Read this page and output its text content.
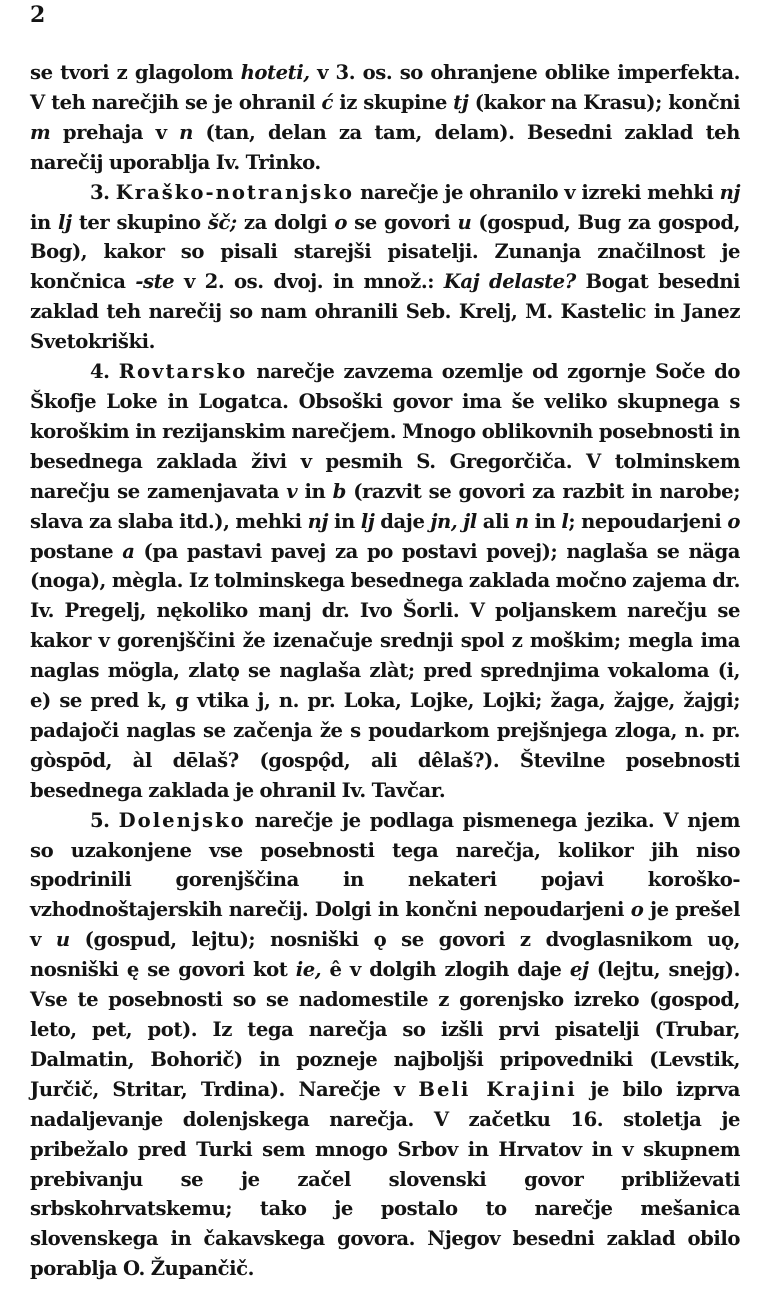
2

se tvori z glagolom hoteti, v 3. os. so ohranjene oblike imperfekta. V teh narečjih se je ohranil ć iz skupine tj (kakor na Krasu); končni m prehaja v n (tan, delan za tam, delam). Besedni zaklad teh narečij uporablja Iv. Trinko.

3. Kraško-notranjsko narečje je ohranilo v izreki mehki nj in lj ter skupino šč; za dolgi o se govori u (gospud, Bug za gospod, Bog), kakor so pisali starejši pisatelji. Zunanja značilnost je končnica -ste v 2. os. dvoj. in množ.: Kaj delaste? Bogat besedni zaklad teh narečij so nam ohranili Seb. Krelj, M. Kastelic in Janez Svetokriški.

4. Rovtarsko narečje zavzema ozemlje od zgornje Soče do Škofje Loke in Logatca. Obsoški govor ima še veliko skupnega s koroškim in rezijanskim narečjem. Mnogo oblikovnih posebnosti in besednega zaklada živi v pesmih S. Gregorčiča. V tolminskem narečju se zamenjavata v in b (razvit se govori za razbit in narobe; slava za slaba itd.), mehki nj in lj daje jn, jl ali n in l; nepoudarjeni o postane a (pa pastavi pavej za po postavi povej); naglaša se näga (noga), mègla. Iz tolminskega besednega zaklada močno zajema dr. Iv. Pregelj, nękoliko manj dr. Ivo Šorli. V poljanskem narečju se kakor v gorenjščini že izenačuje srednji spol z moškim; megla ima naglas mögla, zlatǫ se naglaša zlàt; pred sprednjima vokaloma (i, e) se pred k, g vtika j, n. pr. Loka, Lojke, Lojki; žaga, žajge, žajgi; padajoči naglas se začenja že s poudarkom prejšnjega zloga, n. pr. gòspōd, àl dēlaš? (gospǫ̂d, ali dêlaš?). Številne posebnosti besednega zaklada je ohranil Iv. Tavčar.

5. Dolenjsko narečje je podlaga pismenega jezika. V njem so uzakonjene vse posebnosti tega narečja, kolikor jih niso spodrinili gorenjščina in nekateri pojavi koroško-vzhodnoštajerskih narečij. Dolgi in končni nepoudarjeni o je prešel v u (gospud, lejtu); nosniški ǫ se govori z dvoglasnikom uǫ, nosniški ę se govori kot ie, ê v dolgih zlogih daje ej (lejtu, snejg). Vse te posebnosti so se nadomestile z gorenjsko izreko (gospod, leto, pet, pot). Iz tega narečja so izšli prvi pisatelji (Trubar, Dalmatin, Bohorič) in pozneje najboljši pripovedniki (Levstik, Jurčič, Stritar, Trdina). Narečje v Beli Krajini je bilo izprva nadaljevanje dolenjskega narečja. V začetku 16. stoletja je pribežalo pred Turki sem mnogo Srbov in Hrvatov in v skupnem prebivanju se je začel slovenski govor približevati srbskohrvatskemu; tako je postalo to narečje mešanica slovenskega in čakavskega govora. Njegov besedni zaklad obilo porablja O. Župančič.
